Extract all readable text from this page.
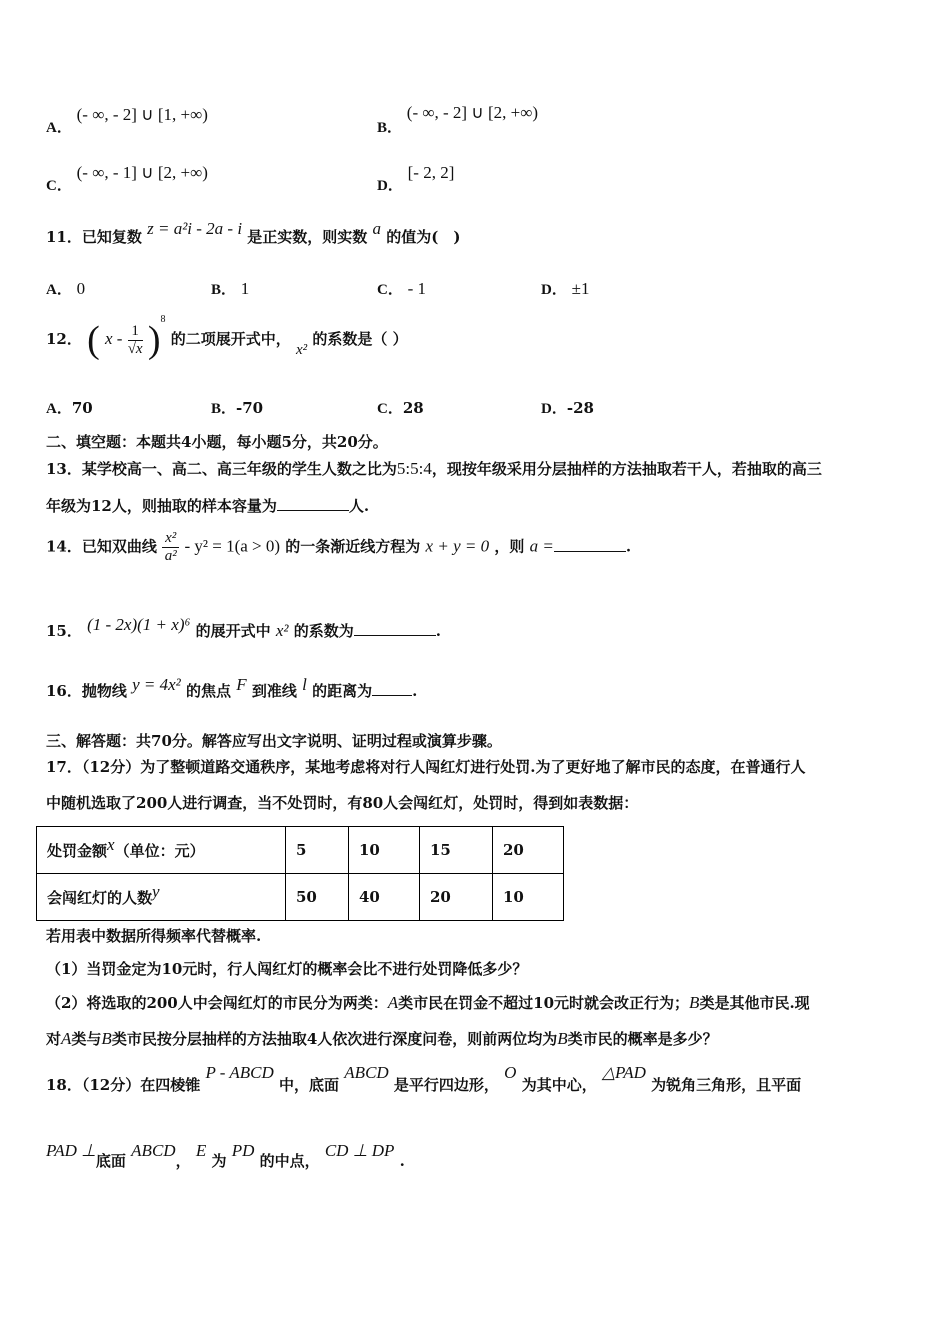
A． (- ∞, - 2] ∪ [1, +∞)
B． (- ∞, - 2] ∪ [2, +∞)
C． (- ∞, - 1] ∪ [2, +∞)
D． [- 2, 2]
11．已知复数 z = a²i - 2a - i 是正实数，则实数 a 的值为(　)
A． 0	B． 1	C． - 1	D． ±1
12． ( x - $\frac{1}{√x} )^8$ 的二项展开式中， x² 的系数是（ ）
A．70	B．-70	C．28	D．-28
二、填空题：本题共4小题，每小题5分，共20分。
13．某学校高一、高二、高三年级的学生人数之比为5:5:4，现按年级采用分层抽样的方法抽取若干人，若抽取的高三
年级为12人，则抽取的样本容量为	人.
14．已知双曲线 $\frac{\text{x²}}{\text{a²}} - y^2 = 1(a > 0)$ 的一条渐近线方程为 x + y = 0 ，则 a =	.
15． (1 - 2x)(1 + x)⁶ 的展开式中 x² 的系数为	.
16．抛物线 y = 4x² 的焦点 F 到准线 l 的距离为	.
三、解答题：共70分。解答应写出文字说明、证明过程或演算步骤。
17．（12分）为了整顿道路交通秩序，某地考虑将对行人闯红灯进行处罚.为了更好地了解市民的态度，在普通行人
中随机选取了200人进行调查，当不处罚时，有80人会闯红灯，处罚时，得到如表数据：
处罚金额x（单位：元）	5	10	15	20
会闯红灯的人数y	50	40	20	10
若用表中数据所得频率代替概率.
（1）当罚金定为10元时，行人闯红灯的概率会比不进行处罚降低多少？
（2）将选取的200人中会闯红灯的市民分为两类：A类市民在罚金不超过10元时就会改正行为；B类是其他市民.现
对A类与B类市民按分层抽样的方法抽取4人依次进行深度问卷，则前两位均为B类市民的概率是多少？
18．（12分）在四棱锥 P - ABCD 中，底面 ABCD 是平行四边形， O 为其中心， △PAD 为锐角三角形，且平面
PAD ⊥底面 ABCD， E 为 PD 的中点， CD ⊥ DP .
